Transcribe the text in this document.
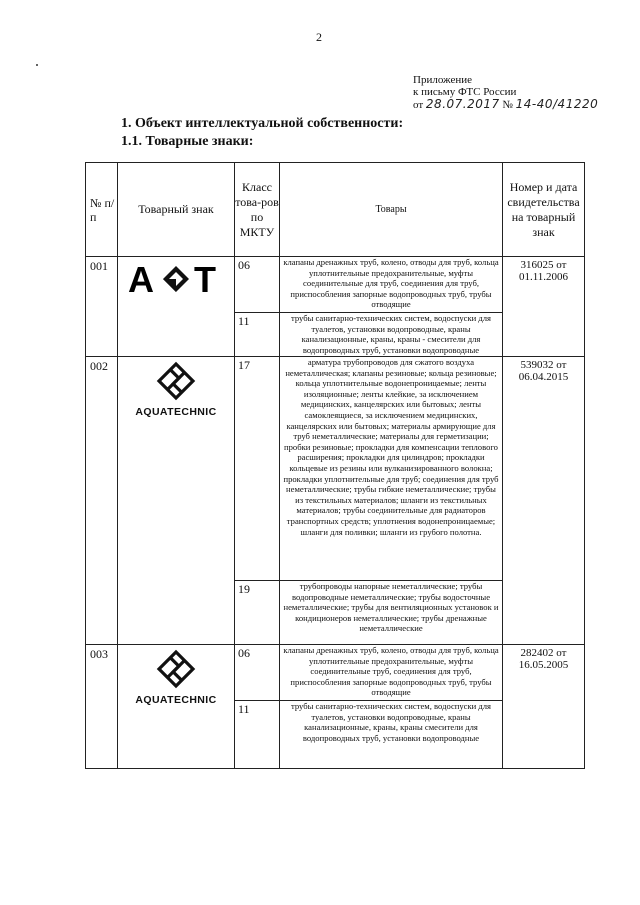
2
Приложение
к письму ФТС России
от 28.07.2017 № 14-40/41220
1. Объект интеллектуальной собственности:
1.1. Товарные знаки:
№ п/п	Товарный знак	Класс това-ров по МКТУ	Товары	Номер и дата свидетельства на товарный знак
001	A T	06	клапаны дренажных труб, колено, отводы для труб, кольца уплотнительные предохранительные, муфты соединительные для труб, соединения для труб, приспособления запорные водопроводных труб, трубы отводящие	316025 от 01.11.2006
		11	трубы санитарно-технических систем, водоспуски для туалетов, установки водопроводные, краны канализационные, краны, краны - смесители для водопроводных труб, установки водопроводные	
002	AQUATECHNIC	17	арматура трубопроводов для сжатого воздуха неметаллическая; клапаны резиновые; кольца резиновые; кольца уплотнительные водонепроницаемые; ленты изоляционные; ленты клейкие, за исключением медицинских, канцелярских или бытовых; ленты самоклеящиеся, за исключением медицинских, канцелярских или бытовых; материалы армирующие для труб неметаллические; материалы для герметизации; пробки резиновые; прокладки для компенсации теплового расширения; прокладки для цилиндров; прокладки кольцевые из резины или вулканизированного волокна; прокладки уплотнительные для труб; соединения для труб неметаллические; трубы гибкие неметаллические; трубы из текстильных материалов; шланги из текстильных материалов; трубы соединительные для радиаторов транспортных средств; уплотнения водонепроницаемые; шланги для поливки; шланги из грубого полотна.	539032 от 06.04.2015
		19	трубопроводы напорные неметаллические; трубы водопроводные неметаллические; трубы водосточные неметаллические; трубы для вентиляционных установок и кондиционеров неметаллические; трубы дренажные неметаллические	
003	AQUATECHNIC	06	клапаны дренажных труб, колено, отводы для труб, кольца уплотнительные предохранительные, муфты соединительные труб, соединения для труб, приспособления запорные водопроводных труб, трубы отводящие	282402 от 16.05.2005
		11	трубы санитарно-технических систем, водоспуски для туалетов, установки водопроводные, краны канализационные, краны, краны смесители для водопроводных труб, установки водопроводные	
